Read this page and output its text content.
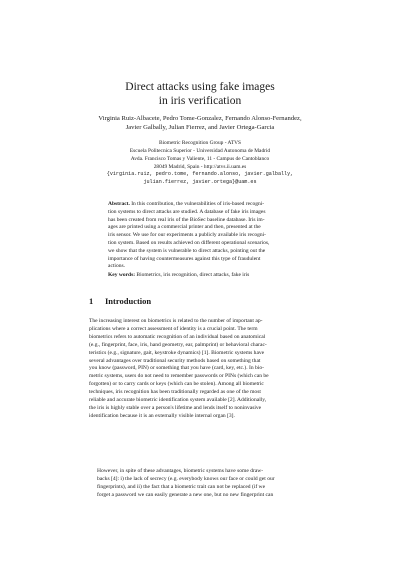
Direct attacks using fake images
in iris verification
Virginia Ruiz-Albacete, Pedro Tome-Gonzalez, Fernando Alonso-Fernandez,
Javier Galbally, Julian Fierrez, and Javier Ortega-Garcia
Biometric Recognition Group - ATVS
Escuela Politecnica Superior - Universidad Autonoma de Madrid
Avda. Francisco Tomas y Valiente, 11 - Campus de Cantoblanco
28049 Madrid, Spain - http://atvs.ii.uam.es
{virginia.ruiz, pedro.tome, fernando.alonso, javier.galbally,
julian.fierrez, javier.ortega}@uam.es
Abstract. In this contribution, the vulnerabilities of iris-based recogni-
tion systems to direct attacks are studied. A database of fake iris images
has been created from real iris of the BioSec baseline database. Iris im-
ages are printed using a commercial printer and then, presented at the
iris sensor. We use for our experiments a publicly available iris recogni-
tion system. Based on results achieved on different operational scenarios,
we show that the system is vulnerable to direct attacks, pointing out the
importance of having countermeasures against this type of fraudulent
actions.
Key words: Biometrics, iris recognition, direct attacks, fake iris
1 Introduction
The increasing interest on biometrics is related to the number of important ap-
plications where a correct assessment of identity is a crucial point. The term
biometrics refers to automatic recognition of an individual based on anatomical
(e.g., fingerprint, face, iris, hand geometry, ear, palmprint) or behavioral charac-
teristics (e.g., signature, gait, keystroke dynamics) [1]. Biometric systems have
several advantages over traditional security methods based on something that
you know (password, PIN) or something that you have (card, key, etc.). In bio-
metric systems, users do not need to remember passwords or PINs (which can be
forgotten) or to carry cards or keys (which can be stolen). Among all biometric
techniques, iris recognition has been traditionally regarded as one of the most
reliable and accurate biometric identification system available [2]. Additionally,
the iris is highly stable over a person's lifetime and lends itself to noninvasive
identification because it is an externally visible internal organ [3].
However, in spite of these advantages, biometric systems have some draw-
backs [4]: i) the lack of secrecy (e.g. everybody knows our face or could get our
fingerprints), and ii) the fact that a biometric trait can not be replaced (if we
forget a password we can easily generate a new one, but no new fingerprint can
